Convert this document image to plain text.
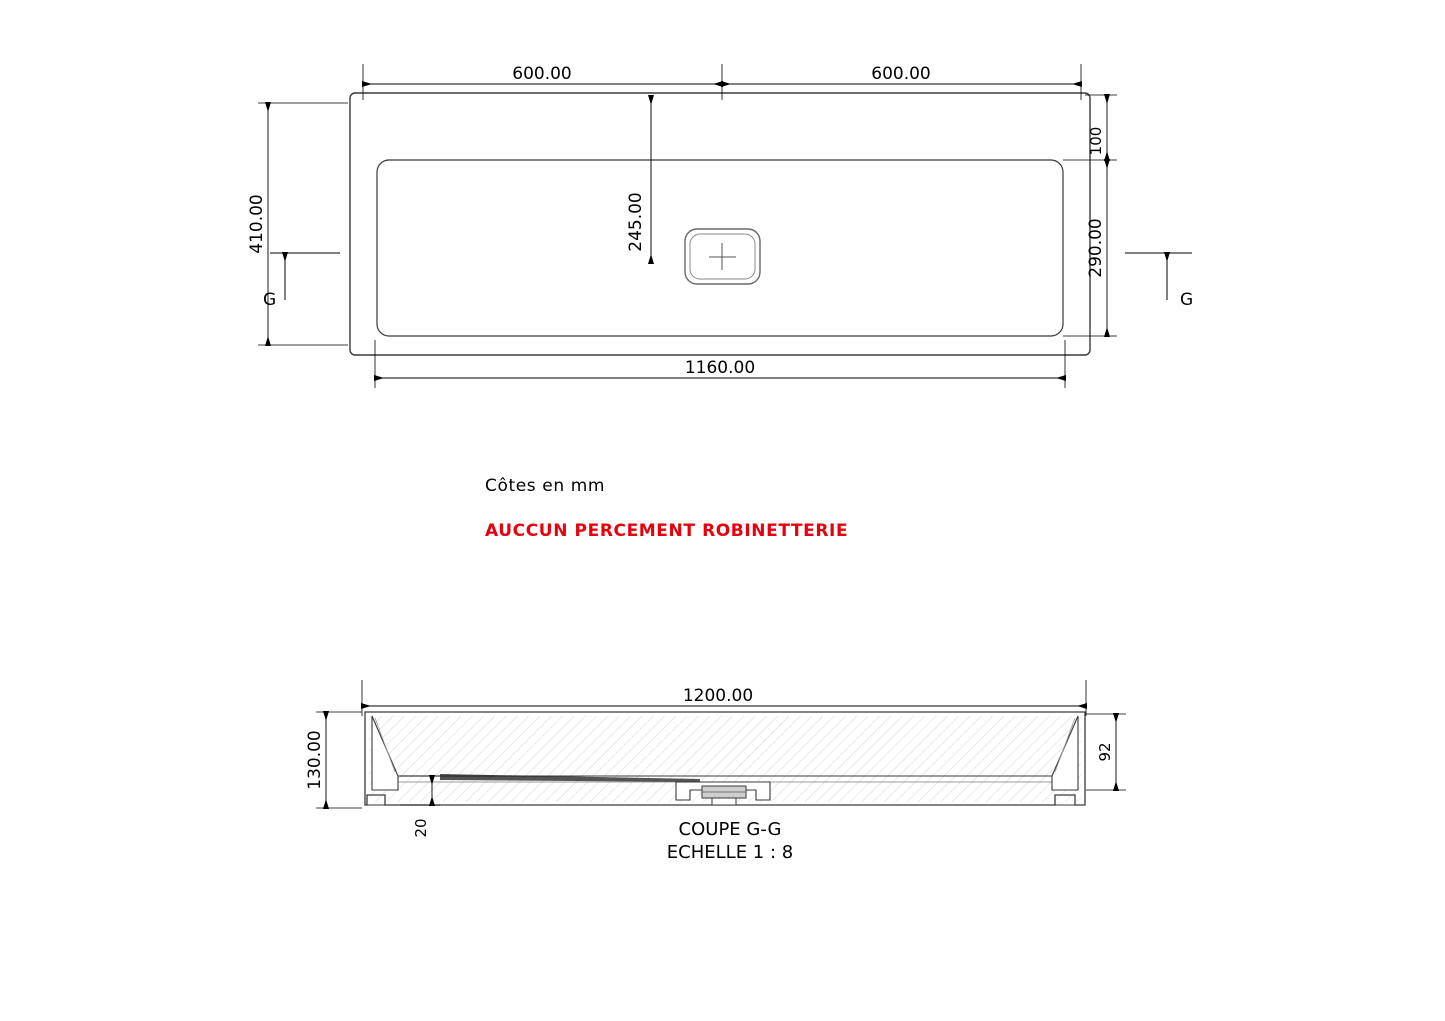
600.00	600.00
410.00	245.00
100
290.00
1160.00
G	G
1200.00
130.00	92
20
Côtes en mm
AUCCUN PERCEMENT ROBINETTERIE
COUPE G-G
ECHELLE 1 : 8
